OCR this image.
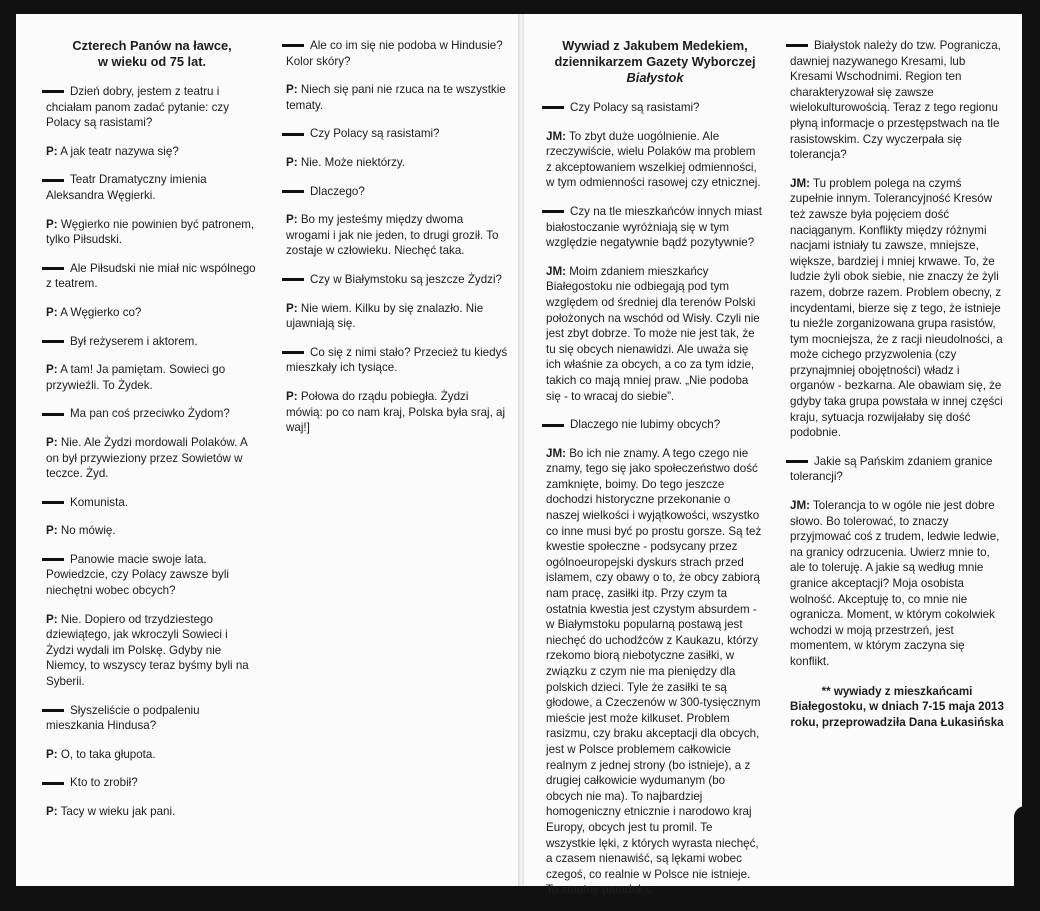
Czterech Panów na ławce,
w wieku od 75 lat.

Dzień dobry, jestem z teatru i chciałam panom zadać pytanie: czy Polacy są rasistami?

P: A jak teatr nazywa się?

Teatr Dramatyczny imienia Aleksandra Węgierki.

P: Węgierko nie powinien być patronem, tylko Piłsudski.

Ale Piłsudski nie miał nic wspólnego z teatrem.

P: A Węgierko co?

Był reżyserem i aktorem.

P: A tam! Ja pamiętam. Sowieci go przywieźli. To Żydek.

Ma pan coś przeciwko Żydom?

P: Nie. Ale Żydzi mordowali Polaków. A on był przywieziony przez Sowietów w teczce. Żyd.

Komunista.

P: No mówię.

Panowie macie swoje lata. Powiedzcie, czy Polacy zawsze byli niechętni wobec obcych?

P: Nie. Dopiero od trzydziestego dziewiątego, jak wkroczyli Sowieci i Żydzi wydali im Polskę. Gdyby nie Niemcy, to wszyscy teraz byśmy byli na Syberii.

Słyszeliście o podpaleniu mieszkania Hindusa?

P: O, to taka głupota.

Kto to zrobił?

P: Tacy w wieku jak pani.

Ale co im się nie podoba w Hindusie? Kolor skóry?

P: Niech się pani nie rzuca na te wszystkie tematy.

Czy Polacy są rasistami?

P: Nie. Może niektórzy.

Dlaczego?

P: Bo my jesteśmy między dwoma wrogami i jak nie jeden, to drugi groził. To zostaje w człowieku. Niechęć taka.

Czy w Białymstoku są jeszcze Żydzi?

P: Nie wiem. Kilku by się znalazło. Nie ujawniają się.

Co się z nimi stało? Przecież tu kiedyś mieszkały ich tysiące.

P: Połowa do rządu pobiegła. Żydzi mówią: po co nam kraj, Polska była sraj, aj waj!]

Wywiad z Jakubem Medekiem,
dziennikarzem Gazety Wyborczej
Białystok

Czy Polacy są rasistami?

JM: To zbyt duże uogólnienie. Ale rzeczywiście, wielu Polaków ma problem z akceptowaniem wszelkiej odmienności, w tym odmienności rasowej czy etnicznej.

Czy na tle mieszkańców innych miast białostoczanie wyróżniają się w tym względzie negatywnie bądź pozytywnie?

JM: Moim zdaniem mieszkańcy Białegostoku nie odbiegają pod tym względem od średniej dla terenów Polski położonych na wschód od Wisły. Czyli nie jest zbyt dobrze. To może nie jest tak, że tu się obcych nienawidzi. Ale uważa się ich właśnie za obcych, a co za tym idzie, takich co mają mniej praw. „Nie podoba się - to wracaj do siebie”.

Dlaczego nie lubimy obcych?

JM: Bo ich nie znamy. A tego czego nie znamy, tego się jako społeczeństwo dość zamknięte, boimy. Do tego jeszcze dochodzi historyczne przekonanie o naszej wielkości i wyjątkowości, wszystko co inne musi być po prostu gorsze. Są też kwestie społeczne - podsycany przez ogólnoeuropejski dyskurs strach przed islamem, czy obawy o to, że obcy zabiorą nam pracę, zasiłki itp. Przy czym ta ostatnia kwestia jest czystym absurdem - w Białymstoku popularną postawą jest niechęć do uchodźców z Kaukazu, którzy rzekomo biorą niebotyczne zasiłki, w związku z czym nie ma pieniędzy dla polskich dzieci. Tyle że zasiłki te są głodowe, a Czeczenów w 300-tysięcznym mieście jest może kilkuset. Problem rasizmu, czy braku akceptacji dla obcych, jest w Polsce problemem całkowicie realnym z jednej strony (bo istnieje), a z drugiej całkowicie wydumanym (bo obcych nie ma). To najbardziej homogeniczny etnicznie i narodowo kraj Europy, obcych jest tu promil. Te wszystkie lęki, z których wyrasta niechęć, a czasem nienawiść, są lękami wobec czegoś, co realnie w Polsce nie istnieje. To smutny paradoks.

Białystok należy do tzw. Pogranicza, dawniej nazywanego Kresami, lub Kresami Wschodnimi. Region ten charakteryzował się zawsze wielokulturowością. Teraz z tego regionu płyną informacje o przestępstwach na tle rasistowskim. Czy wyczerpała się tolerancja?

JM: Tu problem polega na czymś zupełnie innym. Tolerancyjność Kresów też zawsze była pojęciem dość naciąganym. Konflikty między różnymi nacjami istniały tu zawsze, mniejsze, większe, bardziej i mniej krwawe. To, że ludzie żyli obok siebie, nie znaczy że żyli razem, dobrze razem. Problem obecny, z incydentami, bierze się z tego, że istnieje tu nieźle zorganizowana grupa rasistów, tym mocniejsza, że z racji nieudolności, a może cichego przyzwolenia (czy przynajmniej obojętności) władz i organów - bezkarna. Ale obawiam się, że gdyby taka grupa powstała w innej części kraju, sytuacja rozwijałaby się dość podobnie.

Jakie są Pańskim zdaniem granice tolerancji?

JM: Tolerancja to w ogóle nie jest dobre słowo. Bo tolerować, to znaczy przyjmować coś z trudem, ledwie ledwie, na granicy odrzucenia. Uwierz mnie to, ale to toleruję. A jakie są według mnie granice akceptacji? Moja osobista wolność. Akceptuję to, co mnie nie ogranicza. Moment, w którym cokolwiek wchodzi w moją przestrzeń, jest momentem, w którym zaczyna się konflikt.

** wywiady z mieszkańcami
Białegostoku, w dniach 7-15 maja 2013
roku, przeprowadziła Dana Łukasińska
